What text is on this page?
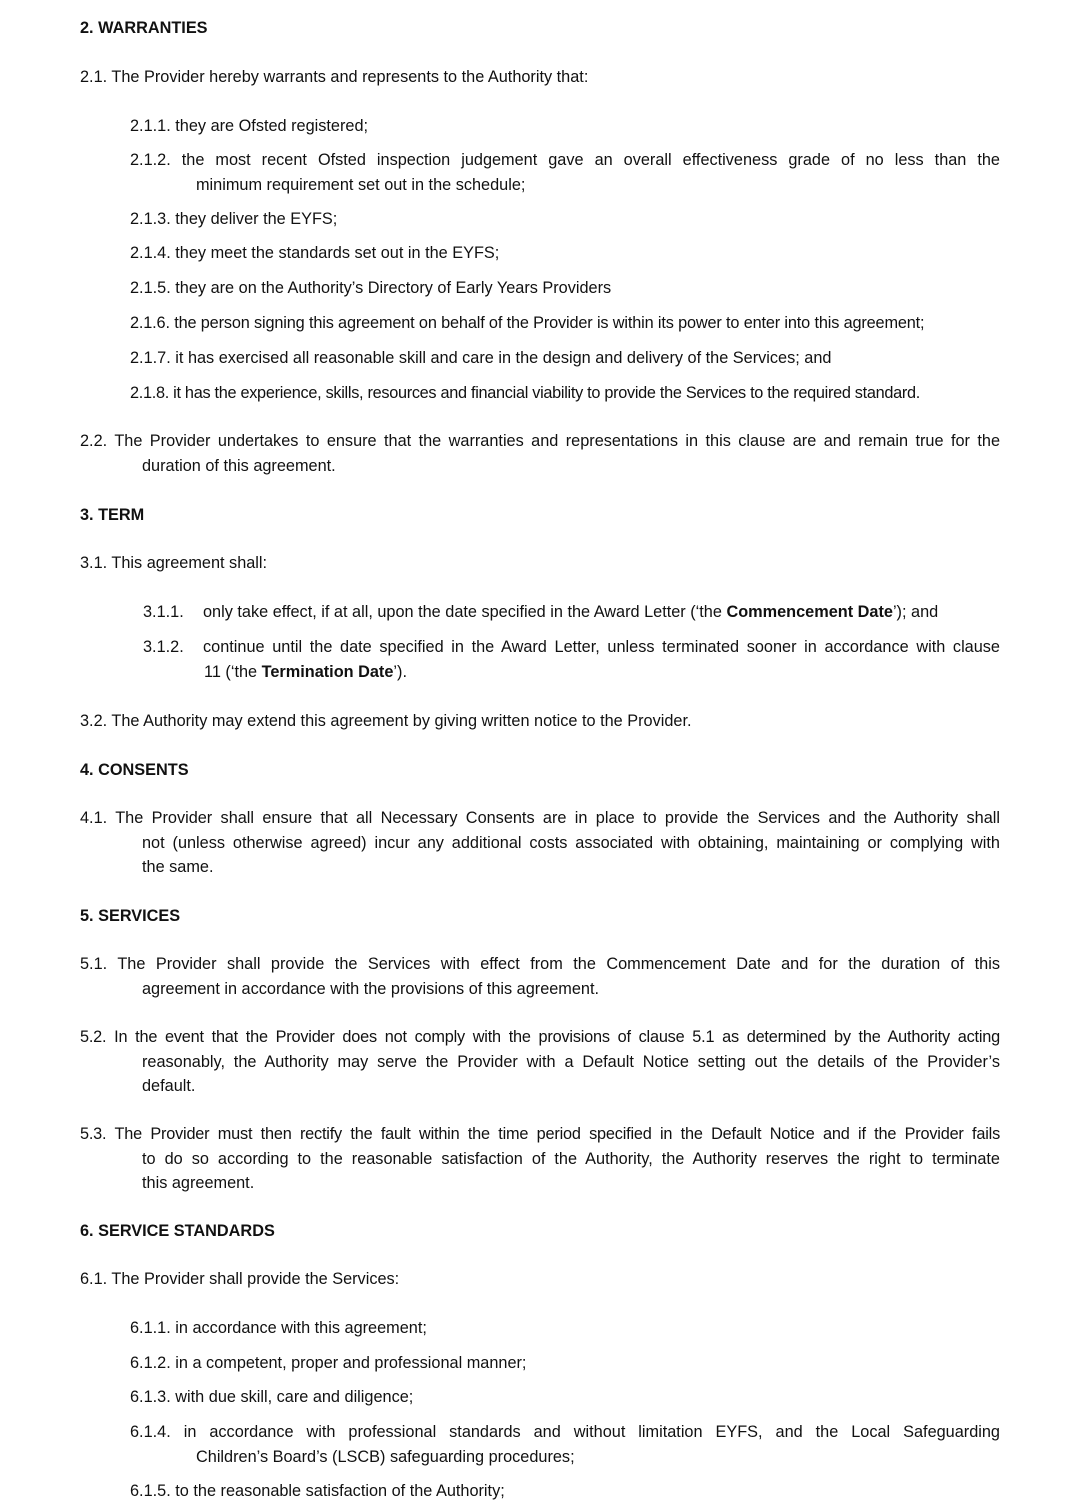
2. WARRANTIES

2.1. The Provider hereby warrants and represents to the Authority that:

2.1.1. they are Ofsted registered;

2.1.2. the most recent Ofsted inspection judgement gave an overall effectiveness grade of no less than the
minimum requirement set out in the schedule;

2.1.3. they deliver the EYFS;

2.1.4. they meet the standards set out in the EYFS;

2.1.5. they are on the Authority’s Directory of Early Years Providers

2.1.6. the person signing this agreement on behalf of the Provider is within its power to enter into this agreement;

2.1.7. it has exercised all reasonable skill and care in the design and delivery of the Services; and

2.1.8. it has the experience, skills, resources and financial viability to provide the Services to the required standard.

2.2. The Provider undertakes to ensure that the warranties and representations in this clause are and remain true for the
duration of this agreement.

3. TERM

3.1. This agreement shall:

3.1.1. only take effect, if at all, upon the date specified in the Award Letter (‘the Commencement Date’); and

3.1.2. continue until the date specified in the Award Letter, unless terminated sooner in accordance with clause
11 (‘the Termination Date’).

3.2. The Authority may extend this agreement by giving written notice to the Provider.

4. CONSENTS

4.1. The Provider shall ensure that all Necessary Consents are in place to provide the Services and the Authority shall
not (unless otherwise agreed) incur any additional costs associated with obtaining, maintaining or complying with
the same.

5. SERVICES

5.1. The Provider shall provide the Services with effect from the Commencement Date and for the duration of this
agreement in accordance with the provisions of this agreement.

5.2. In the event that the Provider does not comply with the provisions of clause 5.1 as determined by the Authority acting
reasonably, the Authority may serve the Provider with a Default Notice setting out the details of the Provider’s
default.

5.3. The Provider must then rectify the fault within the time period specified in the Default Notice and if the Provider fails
to do so according to the reasonable satisfaction of the Authority, the Authority reserves the right to terminate
this agreement.

6. SERVICE STANDARDS

6.1. The Provider shall provide the Services:

6.1.1. in accordance with this agreement;

6.1.2. in a competent, proper and professional manner;

6.1.3. with due skill, care and diligence;

6.1.4. in accordance with professional standards and without limitation EYFS, and the Local Safeguarding
Children’s Board’s (LSCB) safeguarding procedures;

6.1.5. to the reasonable satisfaction of the Authority;
